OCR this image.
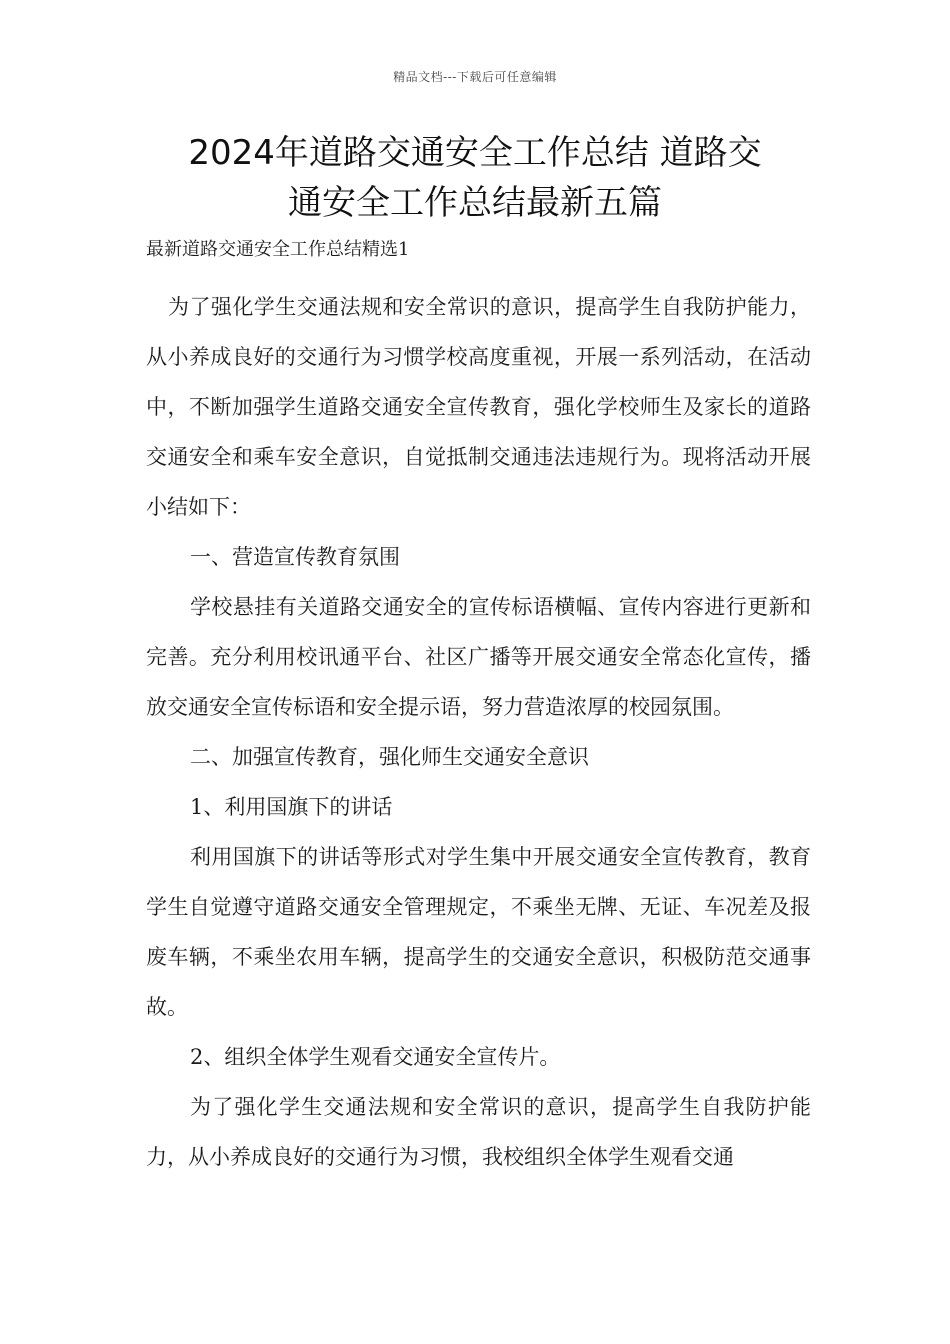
精品文档---下载后可任意编辑
2024年道路交通安全工作总结 道路交
通安全工作总结最新五篇
最新道路交通安全工作总结精选1

为了强化学生交通法规和安全常识的意识，提高学生自我防护能力，从小养成良好的交通行为习惯学校高度重视，开展一系列活动，在活动中，不断加强学生道路交通安全宣传教育，强化学校师生及家长的道路交通安全和乘车安全意识，自觉抵制交通违法违规行为。现将活动开展小结如下：

一、营造宣传教育氛围

学校悬挂有关道路交通安全的宣传标语横幅、宣传内容进行更新和完善。充分利用校讯通平台、社区广播等开展交通安全常态化宣传，播放交通安全宣传标语和安全提示语，努力营造浓厚的校园氛围。

二、加强宣传教育，强化师生交通安全意识

1、利用国旗下的讲话

利用国旗下的讲话等形式对学生集中开展交通安全宣传教育，教育学生自觉遵守道路交通安全管理规定，不乘坐无牌、无证、车况差及报废车辆，不乘坐农用车辆，提高学生的交通安全意识，积极防范交通事故。

2、组织全体学生观看交通安全宣传片。

为了强化学生交通法规和安全常识的意识，提高学生自我防护能力，从小养成良好的交通行为习惯，我校组织全体学生观看交通
